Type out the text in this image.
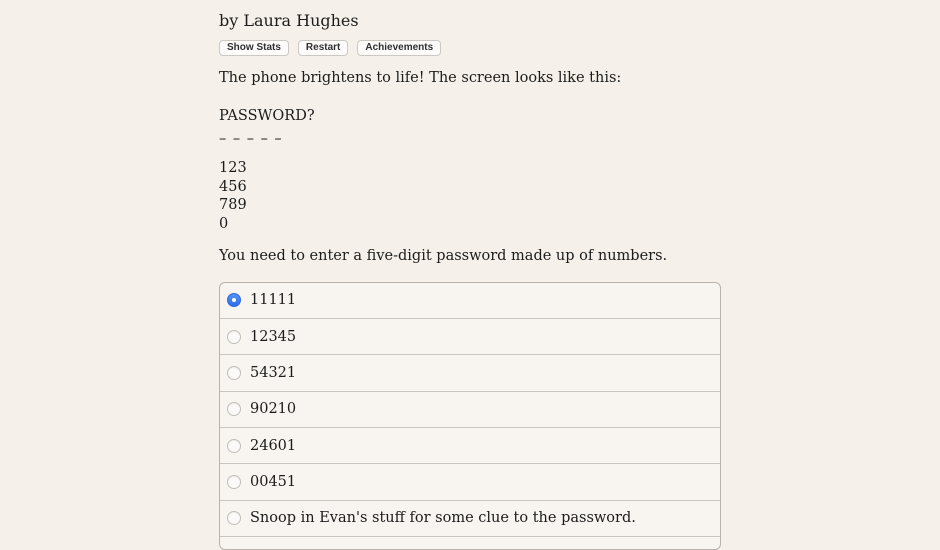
by Laura Hughes
Show Stats	Restart	Achievements

The phone brightens to life! The screen looks like this:

PASSWORD?

– – – – –

123
456
789
0

You need to enter a five-digit password made up of numbers.

11111
12345
54321
90210
24601
00451
Snoop in Evan's stuff for some clue to the password.
